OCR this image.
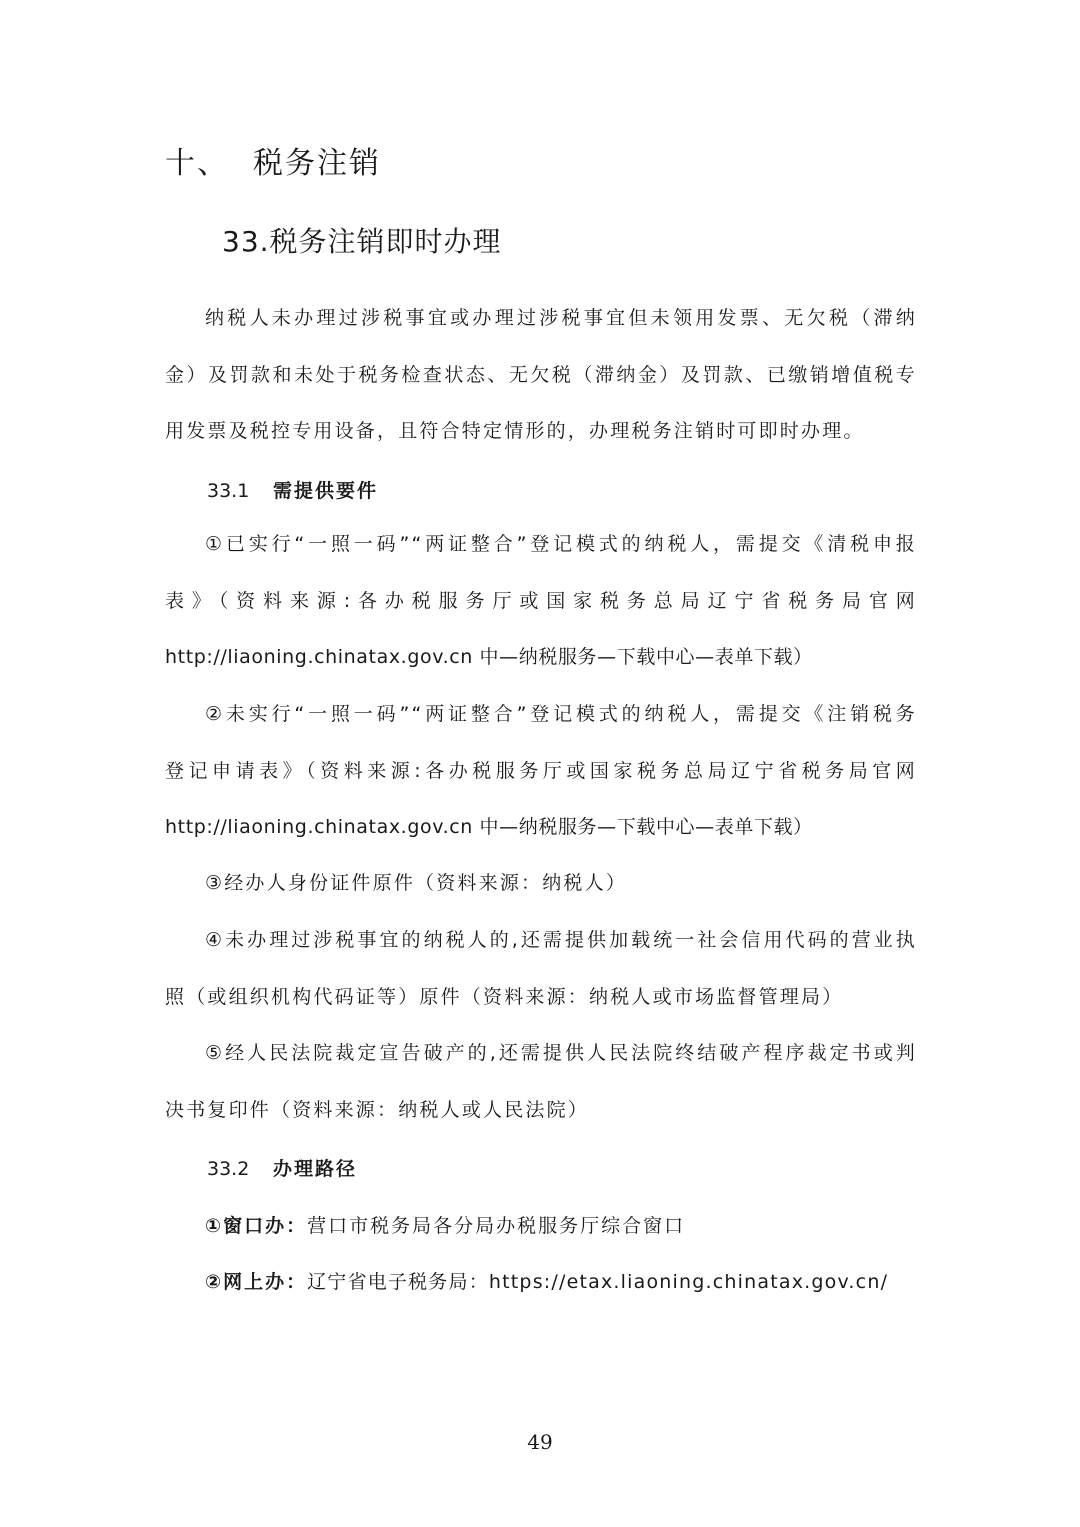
十、 税务注销
33.税务注销即时办理

纳税人未办理过涉税事宜或办理过涉税事宜但未领用发票、无欠税（滞纳
金）及罚款和未处于税务检查状态、无欠税（滞纳金）及罚款、已缴销增值税专
用发票及税控专用设备，且符合特定情形的，办理税务注销时可即时办理。

33.1 需提供要件

①已实行“一照一码”“两证整合”登记模式的纳税人，需提交《清税申报
表》（资料来源:各办税服务厅或国家税务总局辽宁省税务局官网
http://liaoning.chinatax.gov.cn 中—纳税服务—下载中心—表单下载）

②未实行“一照一码”“两证整合”登记模式的纳税人，需提交《注销税务
登记申请表》（资料来源:各办税服务厅或国家税务总局辽宁省税务局官网
http://liaoning.chinatax.gov.cn 中—纳税服务—下载中心—表单下载）

③经办人身份证件原件（资料来源：纳税人）

④未办理过涉税事宜的纳税人的,还需提供加载统一社会信用代码的营业执
照（或组织机构代码证等）原件（资料来源：纳税人或市场监督管理局）

⑤经人民法院裁定宣告破产的,还需提供人民法院终结破产程序裁定书或判
决书复印件（资料来源：纳税人或人民法院）

33.2 办理路径
①窗口办：营口市税务局各分局办税服务厅综合窗口
②网上办：辽宁省电子税务局：https://etax.liaoning.chinatax.gov.cn/
49
